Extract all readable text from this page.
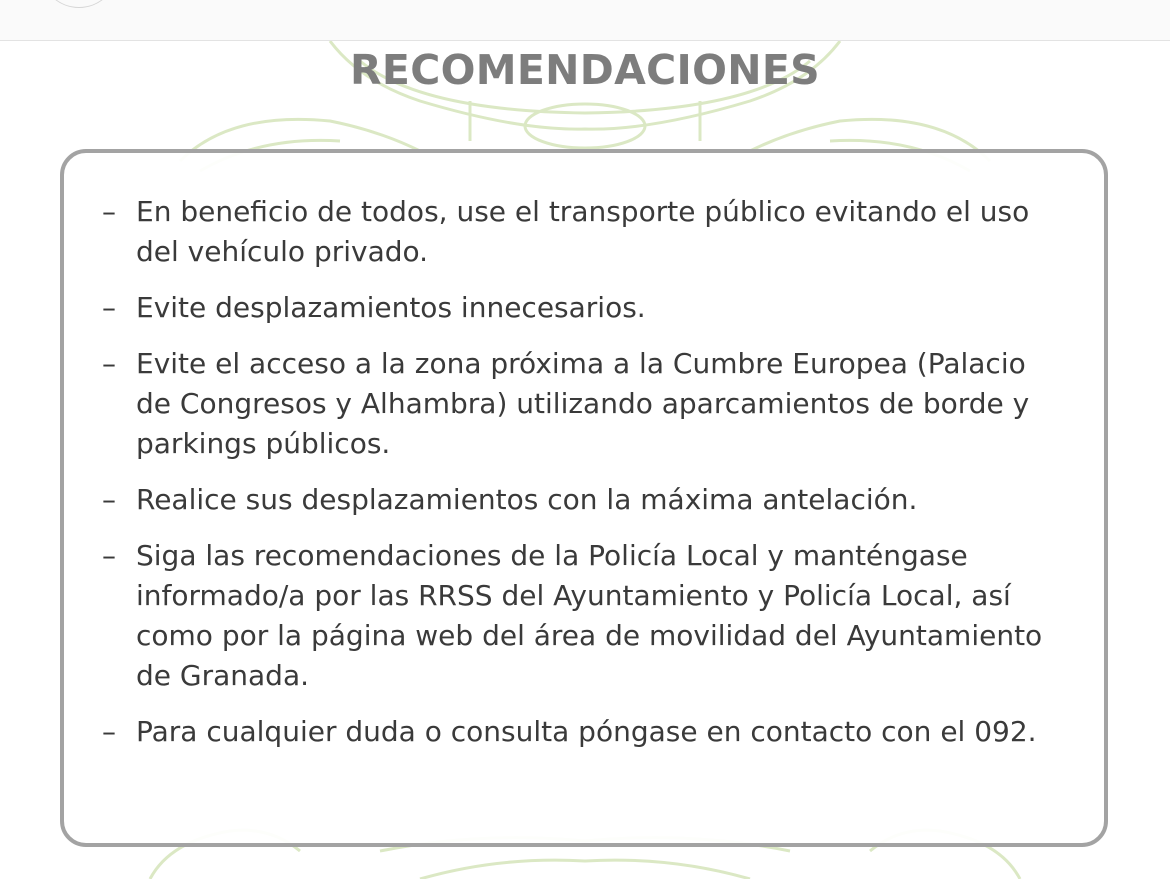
RECOMENDACIONES
– En beneficio de todos, use el transporte público evitando el uso del vehículo privado.
– Evite desplazamientos innecesarios.
– Evite el acceso a la zona próxima a la Cumbre Europea (Palacio de Congresos y Alhambra) utilizando aparcamientos de borde y parkings públicos.
– Realice sus desplazamientos con la máxima antelación.
– Siga las recomendaciones de la Policía Local y manténgase informado/a por las RRSS del Ayuntamiento y Policía Local, así como por la página web del área de movilidad del Ayuntamiento de Granada.
– Para cualquier duda o consulta póngase en contacto con el 092.
